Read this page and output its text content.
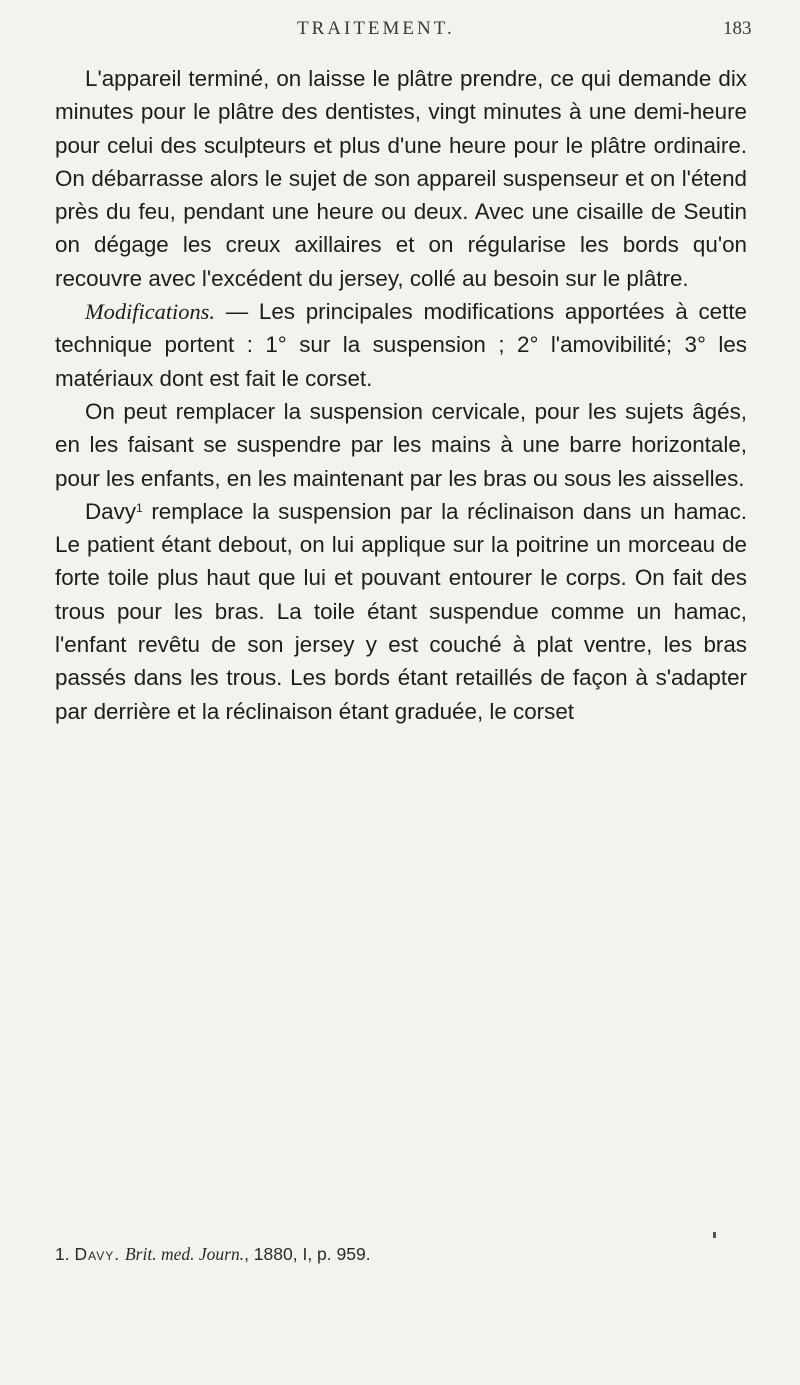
TRAITEMENT.	183

L'appareil terminé, on laisse le plâtre prendre, ce qui demande dix minutes pour le plâtre des dentistes, vingt minutes à une demi-heure pour celui des sculpteurs et plus d'une heure pour le plâtre ordinaire. On débarrasse alors le sujet de son appareil suspenseur et on l'étend près du feu, pendant une heure ou deux. Avec une cisaille de Seutin on dégage les creux axillaires et on régularise les bords qu'on recouvre avec l'excédent du jersey, collé au besoin sur le plâtre.

Modifications. — Les principales modifications apportées à cette technique portent : 1° sur la suspension ; 2° l'amovibilité; 3° les matériaux dont est fait le corset.

On peut remplacer la suspension cervicale, pour les sujets âgés, en les faisant se suspendre par les mains à une barre horizontale, pour les enfants, en les maintenant par les bras ou sous les aisselles.

Davy$^1$ remplace la suspension par la réclinaison dans un hamac. Le patient étant debout, on lui applique sur la poitrine un morceau de forte toile plus haut que lui et pouvant entourer le corps. On fait des trous pour les bras. La toile étant suspendue comme un hamac, l'enfant revêtu de son jersey y est couché à plat ventre, les bras passés dans les trous. Les bords étant retaillés de façon à s'adapter par derrière et la réclinaison étant graduée, le corset

1. Davy. Brit. med. Journ., 1880, I, p. 959.
